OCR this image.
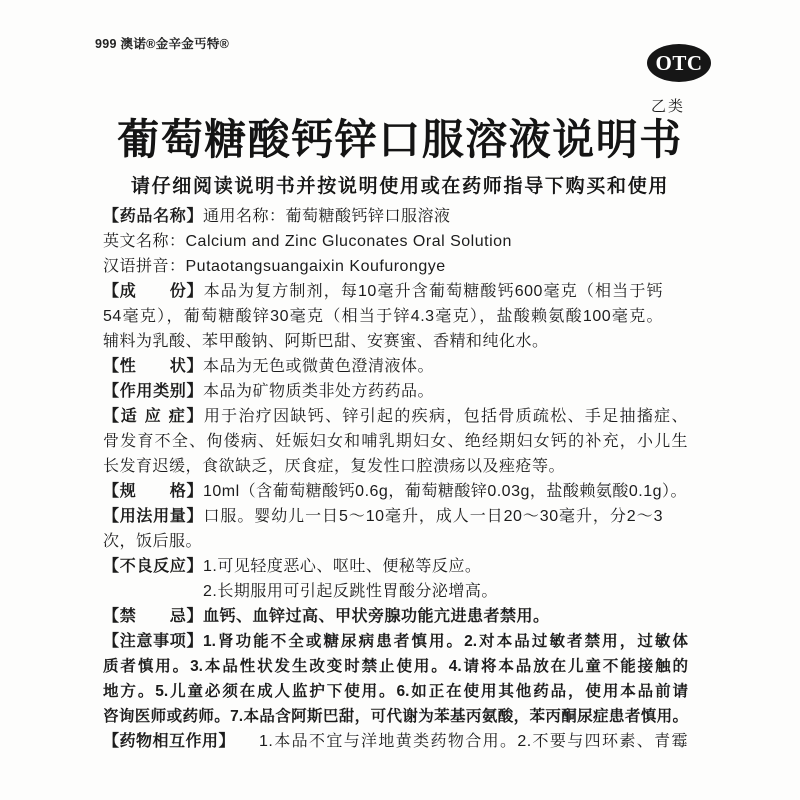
999 澳诺®金辛金丐特®
OTC
乙类
葡萄糖酸钙锌口服溶液说明书
请仔细阅读说明书并按说明使用或在药师指导下购买和使用
【药品名称】通用名称：葡萄糖酸钙锌口服溶液
英文名称：Calcium and Zinc Gluconates Oral Solution
汉语拼音：Putaotangsuangaixin Koufurongye
【成　　份】本品为复方制剂，每10毫升含葡萄糖酸钙600毫克（相当于钙
54毫克），葡萄糖酸锌30毫克（相当于锌4.3毫克），盐酸赖氨酸100毫克。
辅料为乳酸、苯甲酸钠、阿斯巴甜、安赛蜜、香精和纯化水。
【性　　状】本品为无色或微黄色澄清液体。
【作用类别】本品为矿物质类非处方药药品。
【适 应 症】用于治疗因缺钙、锌引起的疾病，包括骨质疏松、手足抽搐症、
骨发育不全、佝偻病、妊娠妇女和哺乳期妇女、绝经期妇女钙的补充，小儿生
长发育迟缓，食欲缺乏，厌食症，复发性口腔溃疡以及痤疮等。
【规　　格】10ml（含葡萄糖酸钙0.6g，葡萄糖酸锌0.03g，盐酸赖氨酸0.1g）。
【用法用量】口服。婴幼儿一日5～10毫升，成人一日20～30毫升，分2～3
次，饭后服。
【不良反应】1.可见轻度恶心、呕吐、便秘等反应。
2.长期服用可引起反跳性胃酸分泌增高。
【禁　　忌】血钙、血锌过高、甲状旁腺功能亢进患者禁用。
【注意事项】1.肾功能不全或糖尿病患者慎用。2.对本品过敏者禁用，过敏体
质者慎用。3.本品性状发生改变时禁止使用。4.请将本品放在儿童不能接触的
地方。5.儿童必须在成人监护下使用。6.如正在使用其他药品，使用本品前请
咨询医师或药师。7.本品含阿斯巴甜，可代谢为苯基丙氨酸，苯丙酮尿症患者慎用。
【药物相互作用】 1.本品不宜与洋地黄类药物合用。2.不要与四环素、青霉
